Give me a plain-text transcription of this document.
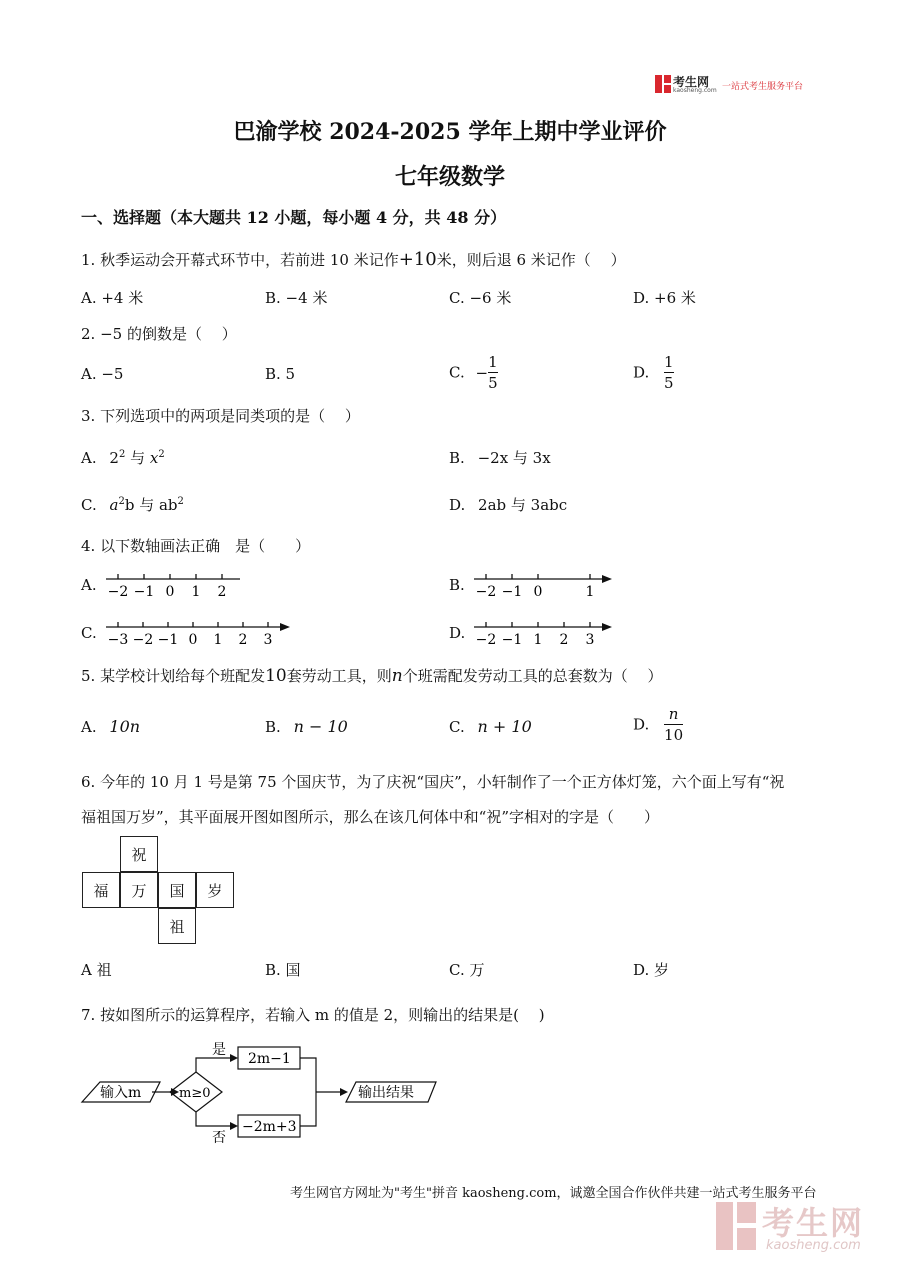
考生网
kaosheng.com 一站式考生服务平台
巴渝学校 2024-2025 学年上期中学业评价
七年级数学
一、选择题（本大题共 12 小题，每小题 4 分，共 48 分）
1. 秋季运动会开幕式环节中，若前进 10 米记作+10米，则后退 6 米记作（　 ）
A. +4 米	B. −4 米	C. −6 米	D. +6 米
2. −5 的倒数是（　 ）
A. −5	B. 5	C. − $\frac{1}{5}$	D. $\frac{1}{5}$
3. 下列选项中的两项是同类项的是（　 ）
A. $2^2$ 与 $x^2$	B. −2x 与 3x
C. $a^2b$ 与 $ab^2$	D. 2ab 与 3abc
4. 以下数轴画法正确　是（　　）
A. −2 −1 0 1 2	B. −2 −1 0	1
C. −3 −2 −1 0 1 2 3	D. −2 −1 1 2 3
5. 某学校计划给每个班配发10套劳动工具，则n个班需配发劳动工具的总套数为（　 ）
A. 10n	B. n − 10	C. n + 10	D. $\frac{n}{10}$
6. 今年的 10 月 1 号是第 75 个国庆节，为了庆祝“国庆”，小轩制作了一个正方体灯笼，六个面上写有“祝
福祖国万岁”，其平面展开图如图所示，那么在该几何体中和“祝”字相对的字是（　　）
祝
福	万	国	岁
祖
A 祖	B. 国	C. 万	D. 岁
7. 按如图所示的运算程序，若输入 m 的值是 2，则输出的结果是(　 )
输入m	m≥0
是
否
2m−1
−2m+3
输出结果
考生网官方网址为"考生"拼音 kaosheng.com，诚邀全国合作伙伴共建一站式考生服务平台
考生网
kaosheng.com
